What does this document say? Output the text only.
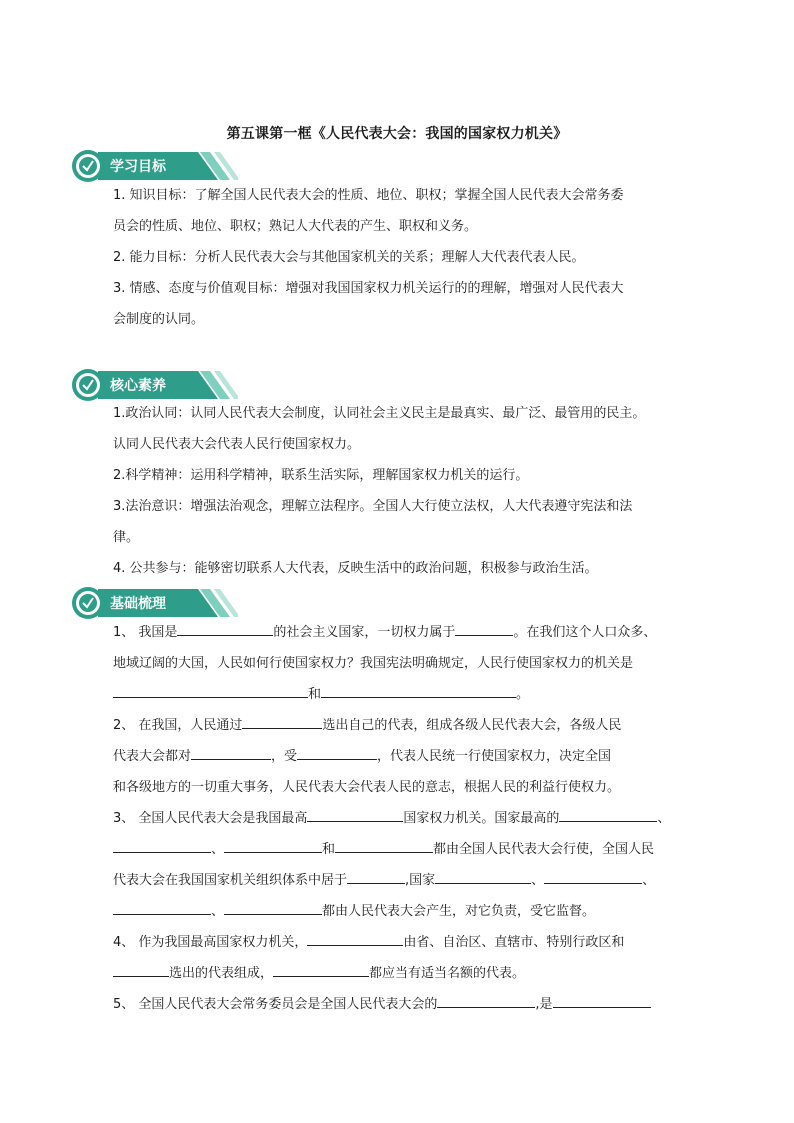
第五课第一框《人民代表大会：我国的国家权力机关》
学习目标
1. 知识目标：了解全国人民代表大会的性质、地位、职权；掌握全国人民代表大会常务委
员会的性质、地位、职权；熟记人大代表的产生、职权和义务。
2. 能力目标：分析人民代表大会与其他国家机关的关系；理解人大代表代表人民。
3. 情感、态度与价值观目标：增强对我国国家权力机关运行的的理解，增强对人民代表大
会制度的认同。
核心素养
1.政治认同：认同人民代表大会制度，认同社会主义民主是最真实、最广泛、最管用的民主。
认同人民代表大会代表人民行使国家权力。
2.科学精神：运用科学精神，联系生活实际，理解国家权力机关的运行。
3.法治意识：增强法治观念，理解立法程序。全国人大行使立法权，人大代表遵守宪法和法
律。
4. 公共参与：能够密切联系人大代表，反映生活中的政治问题，积极参与政治生活。
基础梳理
1、 我国是	的社会主义国家，一切权力属于	。在我们这个人口众多、
地域辽阔的大国，人民如何行使国家权力？我国宪法明确规定，人民行使国家权力的机关是
和	。
2、 在我国，人民通过	选出自己的代表，组成各级人民代表大会，各级人民
代表大会都对	，受	，代表人民统一行使国家权力，决定全国
和各级地方的一切重大事务，人民代表大会代表人民的意志，根据人民的利益行使权力。
3、 全国人民代表大会是我国最高	国家权力机关。国家最高的	、
、	和	都由全国人民代表大会行使，全国人民
代表大会在我国国家机关组织体系中居于	,国家	、	、
、	都由人民代表大会产生，对它负责，受它监督。
4、 作为我国最高国家权力机关，	由省、自治区、直辖市、特别行政区和
选出的代表组成，	都应当有适当名额的代表。
5、 全国人民代表大会常务委员会是全国人民代表大会的	,是
